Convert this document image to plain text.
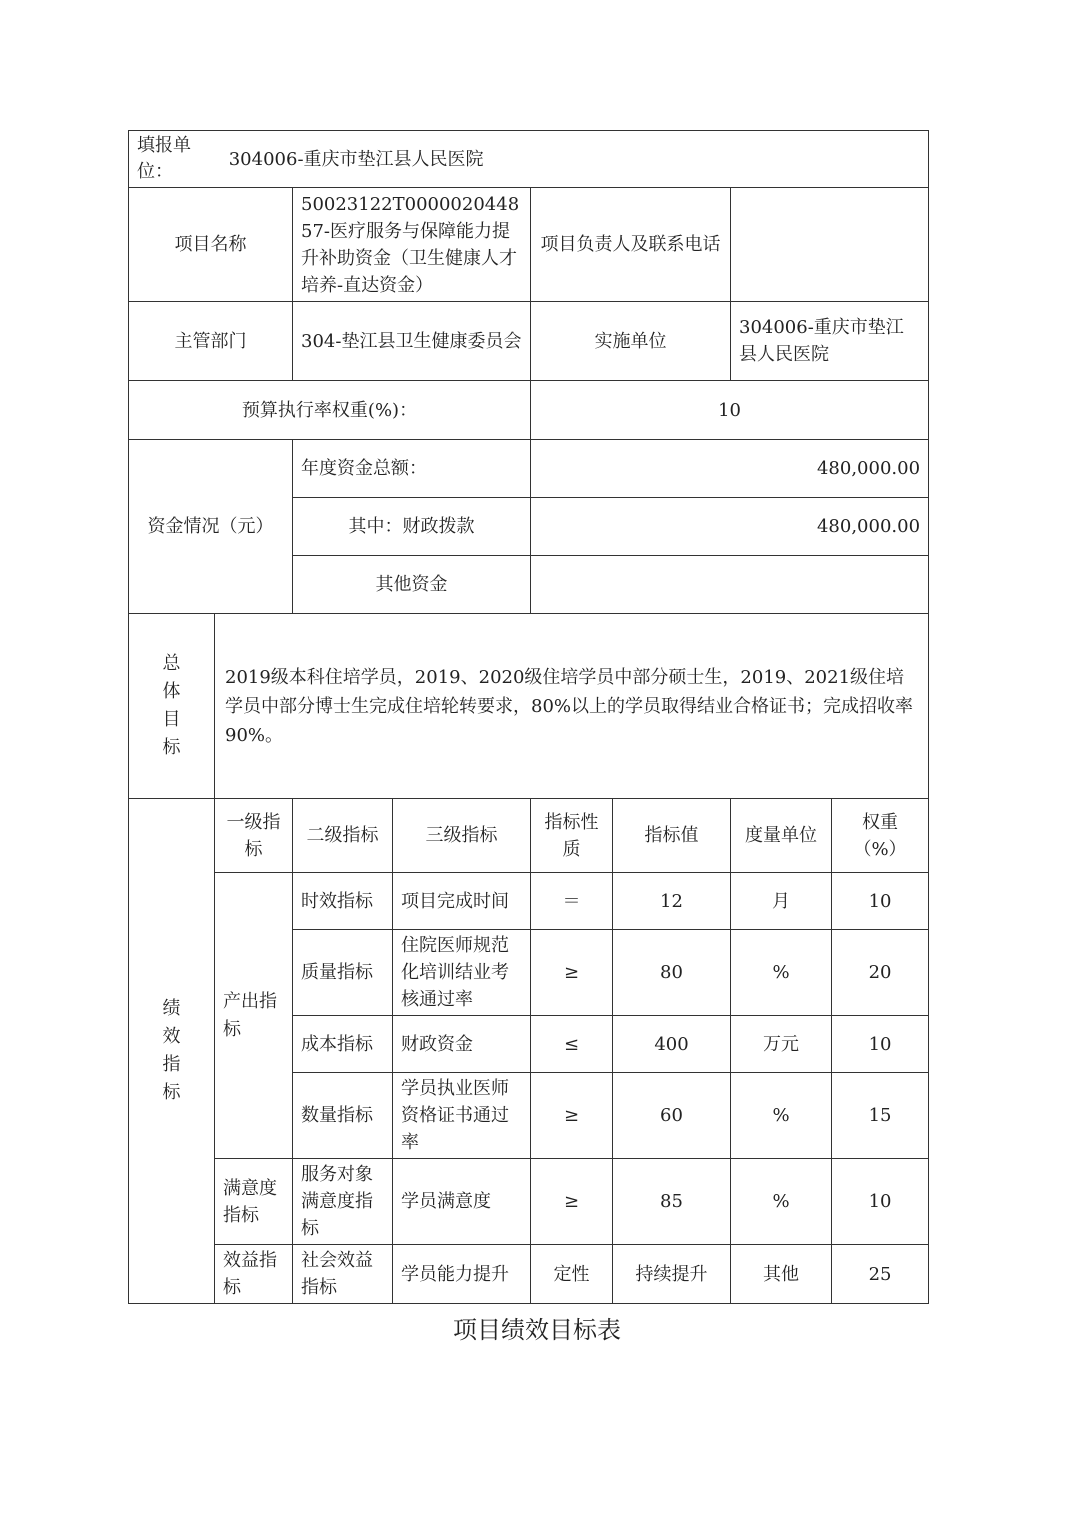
填报单位： 304006-重庆市垫江县人民医院							
项目名称		50023122T000002044857-医疗服务与保障能力提升补助资金（卫生健康人才培养-直达资金）		项目负责人及联系电话			
主管部门		304-垫江县卫生健康委员会		实施单位		304006-重庆市垫江县人民医院	
预算执行率权重(%)：				10			
资金情况（元）		年度资金总额：		480,000.00			
		其中：财政拨款		480,000.00			
		其他资金					

总体目标	2019级本科住培学员，2019、2020级住培学员中部分硕士生，2019、2021级住培学员中部分博士生完成住培轮转要求，80%以上的学员取得结业合格证书；完成招收率90%。						

绩效指标	一级指标	二级指标	三级指标	指标性质	指标值	度量单位	权重（%）
	产出指标	时效指标	项目完成时间	＝	12	月	10
		质量指标	住院医师规范化培训结业考核通过率	≥	80	%	20
		成本指标	财政资金	≤	400	万元	10
		数量指标	学员执业医师资格证书通过率	≥	60	%	15
	满意度指标	服务对象满意度指标	学员满意度	≥	85	%	10
	效益指标	社会效益指标	学员能力提升	定性	持续提升	其他	25
项目绩效目标表
